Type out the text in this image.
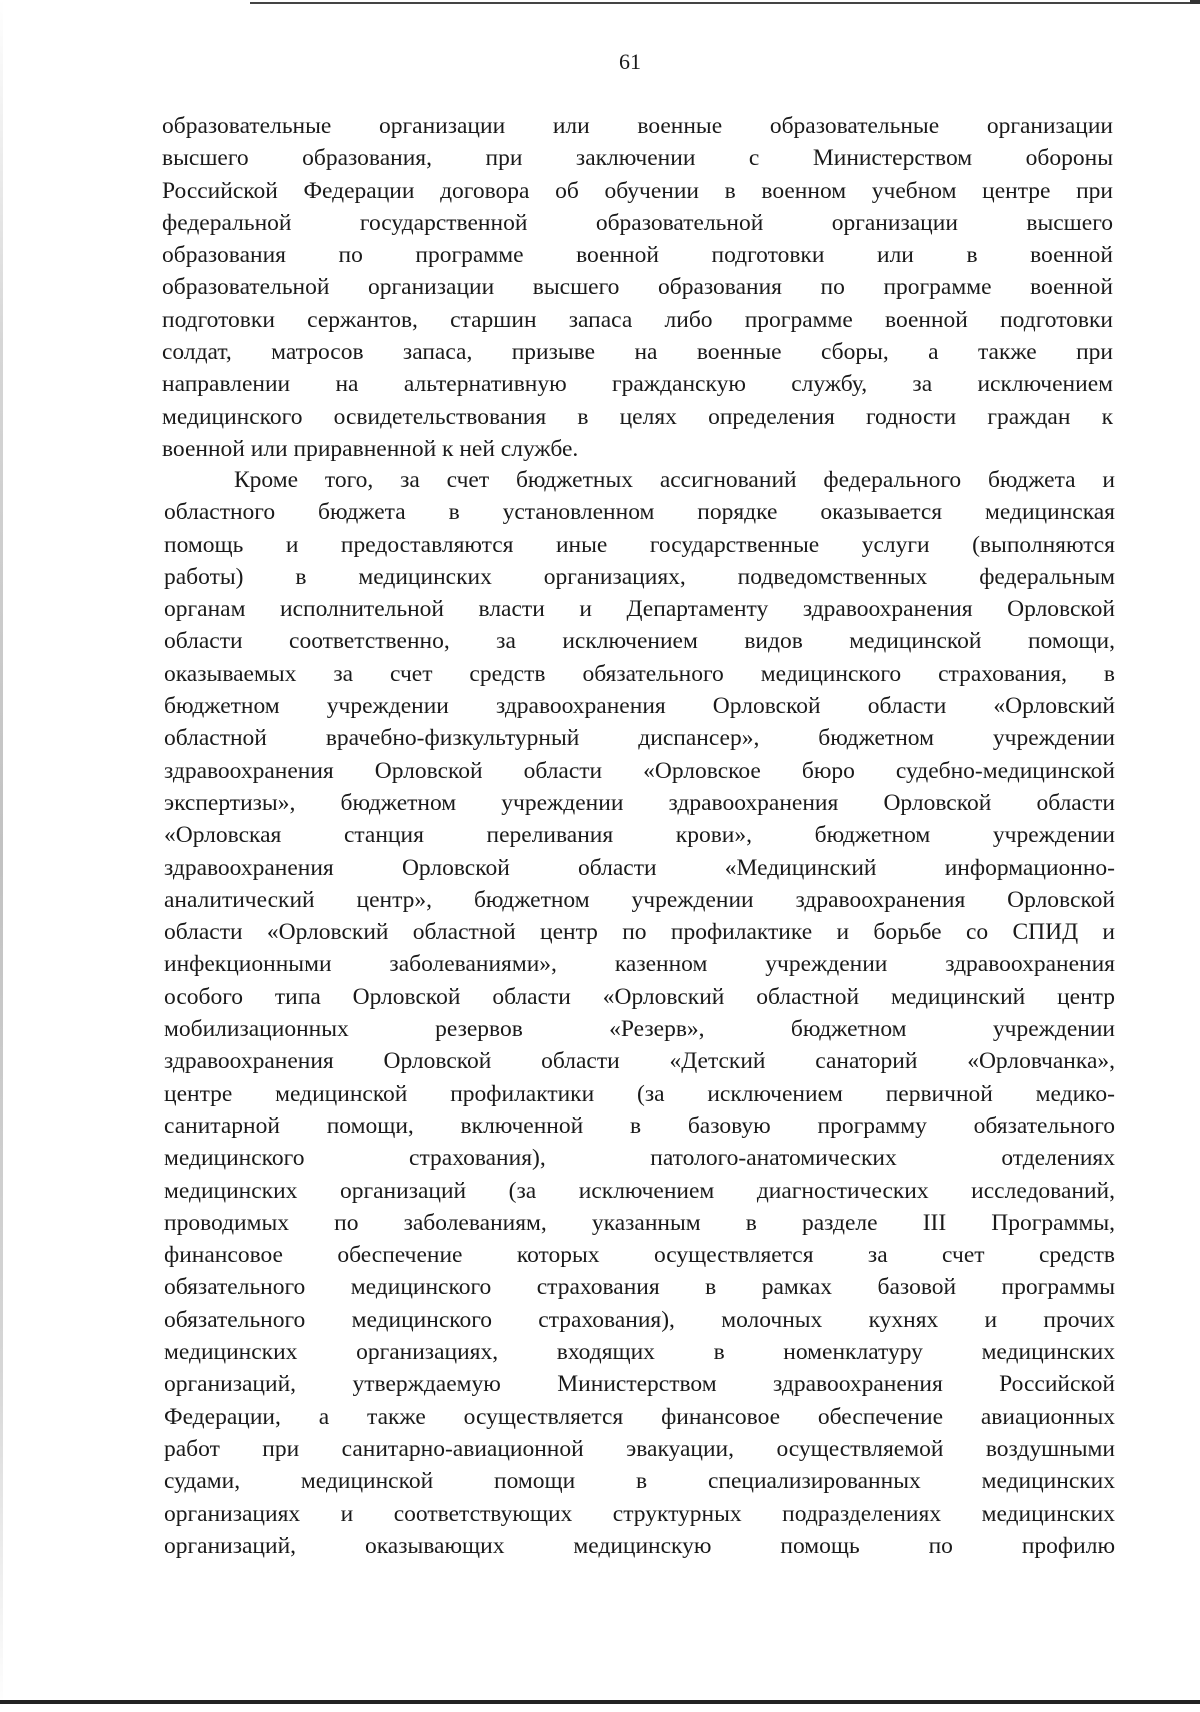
61
образовательные организации или военные образовательные организации
высшего образования, при заключении с Министерством обороны
Российской Федерации договора об обучении в военном учебном центре при
федеральной государственной образовательной организации высшего
образования по программе военной подготовки или в военной
образовательной организации высшего образования по программе военной
подготовки сержантов, старшин запаса либо программе военной подготовки
солдат, матросов запаса, призыве на военные сборы, а также при
направлении на альтернативную гражданскую службу, за исключением
медицинского освидетельствования в целях определения годности граждан к
военной или приравненной к ней службе.
Кроме того, за счет бюджетных ассигнований федерального бюджета и
областного бюджета в установленном порядке оказывается медицинская
помощь и предоставляются иные государственные услуги (выполняются
работы) в медицинских организациях, подведомственных федеральным
органам исполнительной власти и Департаменту здравоохранения Орловской
области соответственно, за исключением видов медицинской помощи,
оказываемых за счет средств обязательного медицинского страхования, в
бюджетном учреждении здравоохранения Орловской области «Орловский
областной врачебно-физкультурный диспансер», бюджетном учреждении
здравоохранения Орловской области «Орловское бюро судебно-медицинской
экспертизы», бюджетном учреждении здравоохранения Орловской области
«Орловская станция переливания крови», бюджетном учреждении
здравоохранения Орловской области «Медицинский информационно-
аналитический центр», бюджетном учреждении здравоохранения Орловской
области «Орловский областной центр по профилактике и борьбе со СПИД и
инфекционными заболеваниями», казенном учреждении здравоохранения
особого типа Орловской области «Орловский областной медицинский центр
мобилизационных резервов «Резерв», бюджетном учреждении
здравоохранения Орловской области «Детский санаторий «Орловчанка»,
центре медицинской профилактики (за исключением первичной медико-
санитарной помощи, включенной в базовую программу обязательного
медицинского страхования), патолого-анатомических отделениях
медицинских организаций (за исключением диагностических исследований,
проводимых по заболеваниям, указанным в разделе III Программы,
финансовое обеспечение которых осуществляется за счет средств
обязательного медицинского страхования в рамках базовой программы
обязательного медицинского страхования), молочных кухнях и прочих
медицинских организациях, входящих в номенклатуру медицинских
организаций, утверждаемую Министерством здравоохранения Российской
Федерации, а также осуществляется финансовое обеспечение авиационных
работ при санитарно-авиационной эвакуации, осуществляемой воздушными
судами, медицинской помощи в специализированных медицинских
организациях и соответствующих структурных подразделениях медицинских
организаций, оказывающих медицинскую помощь по профилю
